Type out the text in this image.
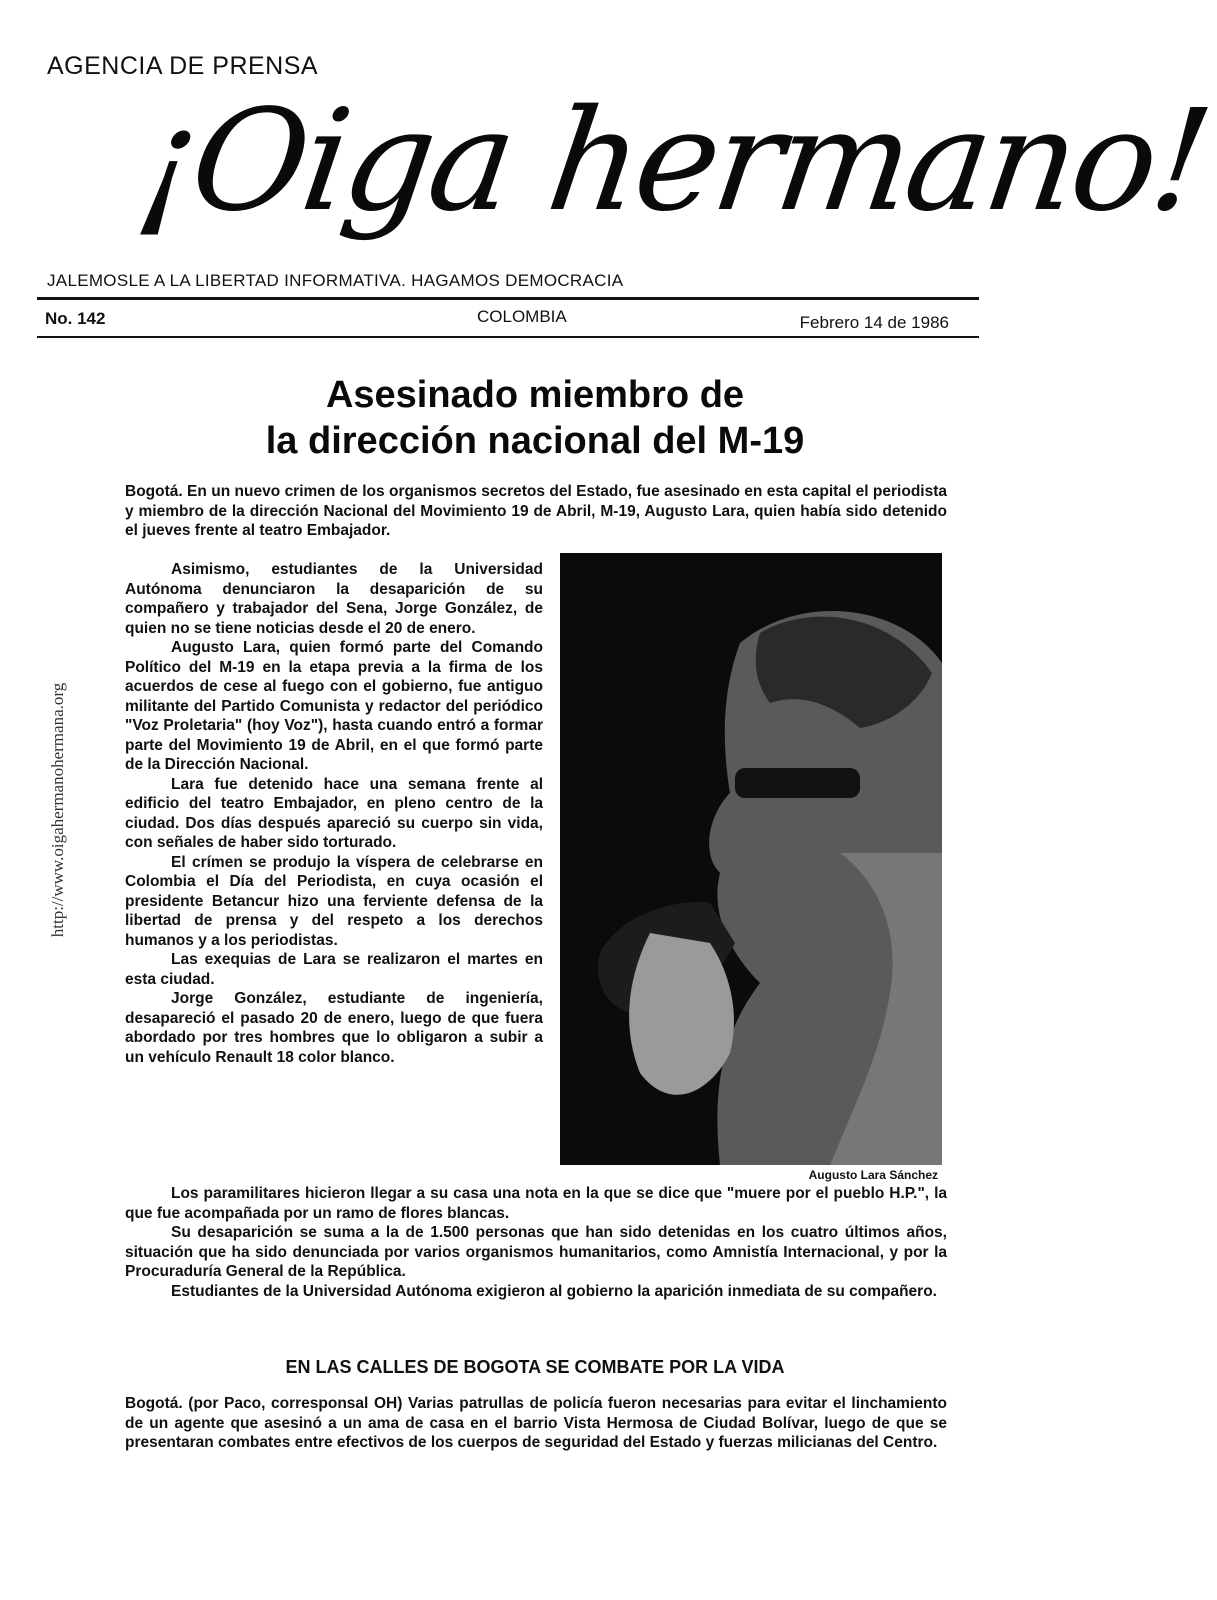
AGENCIA DE PRENSA
¡Oiga hermano!
JALEMOSLE A LA LIBERTAD INFORMATIVA. HAGAMOS DEMOCRACIA
No. 142	COLOMBIA	Febrero 14 de 1986
http://www.oigahermanohermana.org
Asesinado miembro de
la dirección nacional del M-19
Bogotá. En un nuevo crimen de los organismos secretos del Estado, fue asesinado en esta capital el periodista y miembro de la dirección Nacional del Movimiento 19 de Abril, M-19, Augusto Lara, quien había sido detenido el jueves frente al teatro Embajador.

Asimismo, estudiantes de la Universidad Autónoma denunciaron la desaparición de su compañero y trabajador del Sena, Jorge González, de quien no se tiene noticias desde el 20 de enero.

Augusto Lara, quien formó parte del Comando Político del M-19 en la etapa previa a la firma de los acuerdos de cese al fuego con el gobierno, fue antiguo militante del Partido Comunista y redactor del periódico "Voz Proletaria" (hoy Voz"), hasta cuando entró a formar parte del Movimiento 19 de Abril, en el que formó parte de la Dirección Nacional.

Lara fue detenido hace una semana frente al edificio del teatro Embajador, en pleno centro de la ciudad. Dos días después apareció su cuerpo sin vida, con señales de haber sido torturado.

El crímen se produjo la víspera de celebrarse en Colombia el Día del Periodista, en cuya ocasión el presidente Betancur hizo una ferviente defensa de la libertad de prensa y del respeto a los derechos humanos y a los periodistas.

Las exequias de Lara se realizaron el martes en esta ciudad.

Jorge González, estudiante de ingeniería, desapareció el pasado 20 de enero, luego de que fuera abordado por tres hombres que lo obligaron a subir a un vehículo Renault 18 color blanco.

Augusto Lara Sánchez

Los paramilitares hicieron llegar a su casa una nota en la que se dice que "muere por el pueblo H.P.", la que fue acompañada por un ramo de flores blancas.

Su desaparición se suma a la de 1.500 personas que han sido detenidas en los cuatro últimos años, situación que ha sido denunciada por varios organismos humanitarios, como Amnistía Internacional, y por la Procuraduría General de la República.

Estudiantes de la Universidad Autónoma exigieron al gobierno la aparición inmediata de su compañero.

EN LAS CALLES DE BOGOTA SE COMBATE POR LA VIDA
Bogotá. (por Paco, corresponsal OH) Varias patrullas de policía fueron necesarias para evitar el linchamiento de un agente que asesinó a un ama de casa en el barrio Vista Hermosa de Ciudad Bolívar, luego de que se presentaran combates entre efectivos de los cuerpos de seguridad del Estado y fuerzas milicianas del Centro.
